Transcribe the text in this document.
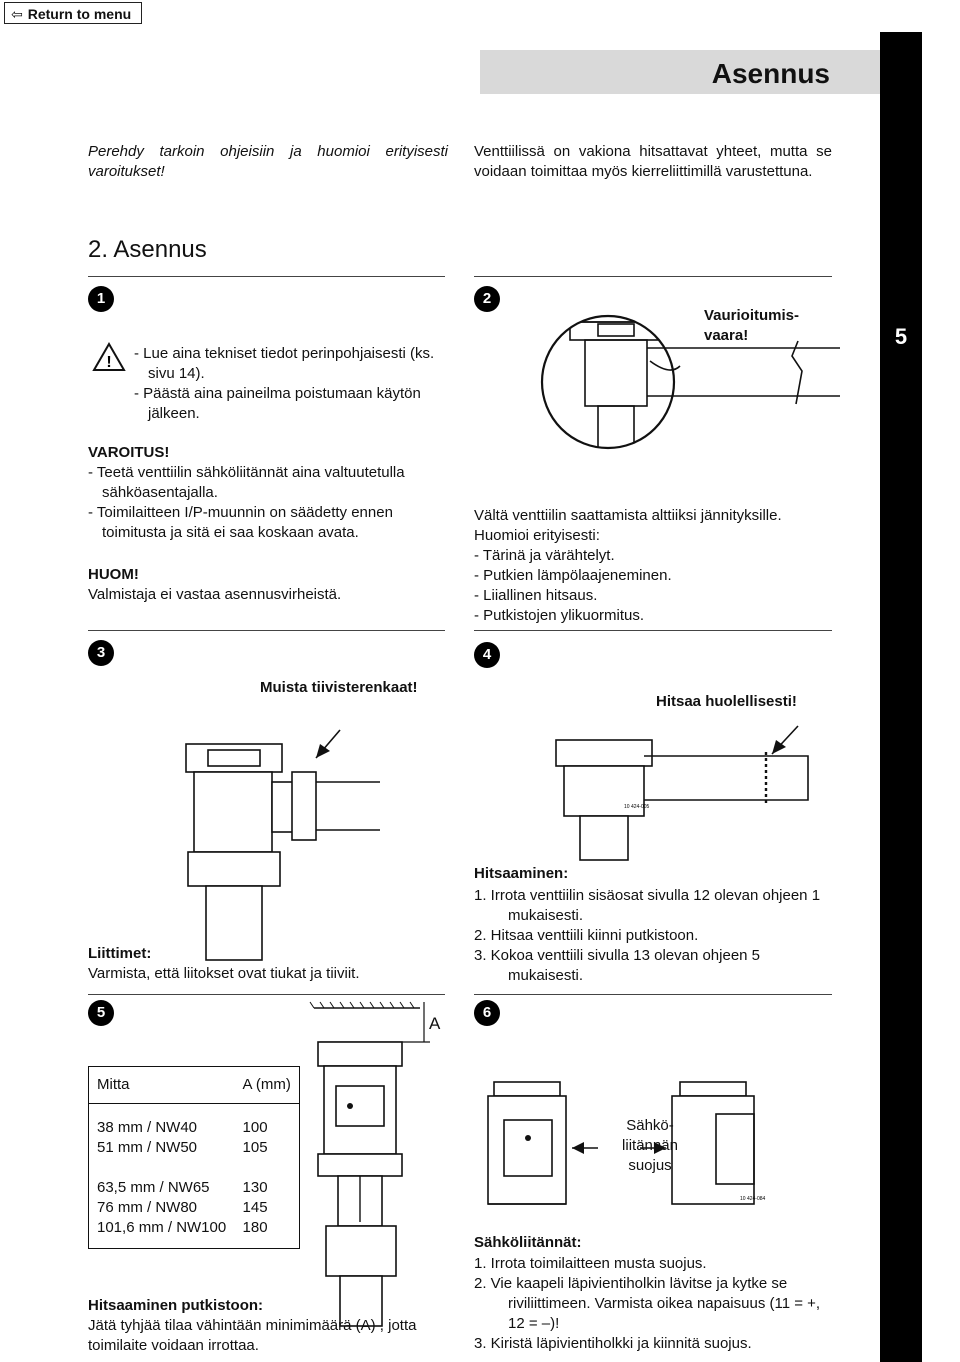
⇦ Return to menu
Asennus
5
Perehdy tarkoin ohjeisiin ja huomioi erityisesti varoitukset!
Venttiilissä on vakiona hitsattavat yhteet, mutta se voidaan toimittaa myös kierreliittimillä varustettuna.
2. Asennus
1
!
- Lue aina tekniset tiedot perinpohjaisesti (ks. sivu 14).
- Päästä aina paineilma poistumaan käytön jälkeen.
VAROITUS!
- Teetä venttiilin sähköliitännät aina valtuutetulla sähköasentajalla.
- Toimilaitteen I/P-muunnin on säädetty ennen toimitusta ja sitä ei saa koskaan avata.
HUOM!
Valmistaja ei vastaa asennusvirheistä.
2
Vaurioitumis- vaara!
Vältä venttiilin saattamista alttiiksi jännityksille.
Huomioi erityisesti:
- Tärinä ja värähtelyt.
- Putkien lämpölaajeneminen.
- Liiallinen hitsaus.
- Putkistojen ylikuormitus.
3
Muista tiivisterenkaat!
Liittimet:
Varmista, että liitokset ovat tiukat ja tiiviit.
4
Hitsaa huolellisesti!
10 424-005
Hitsaaminen:
1. Irrota venttiilin sisäosat sivulla 12 olevan ohjeen 1 mukaisesti.
2. Hitsaa venttiili kiinni putkistoon.
3. Kokoa venttiili sivulla 13 olevan ohjeen 5 mukaisesti.
5
A
Mitta	A (mm)
38 mm / NW40	100
51 mm / NW50	105
63,5 mm / NW65	130
76 mm / NW80	145
101,6 mm / NW100	180
Hitsaaminen putkistoon:
Jätä tyhjää tilaa vähintään minimimäärä (A) , jotta toimilaite voidaan irrottaa.
6
10 424-084
Sähkö- liitännän suojus
Sähköliitännät:
1. Irrota toimilaitteen musta suojus.
2. Vie kaapeli läpivientiholkin lävitse ja kytke se riviliittimeen. Varmista oikea napaisuus (11 = +, 12 = –)!
3. Kiristä läpivientiholkki ja kiinnitä suojus.
